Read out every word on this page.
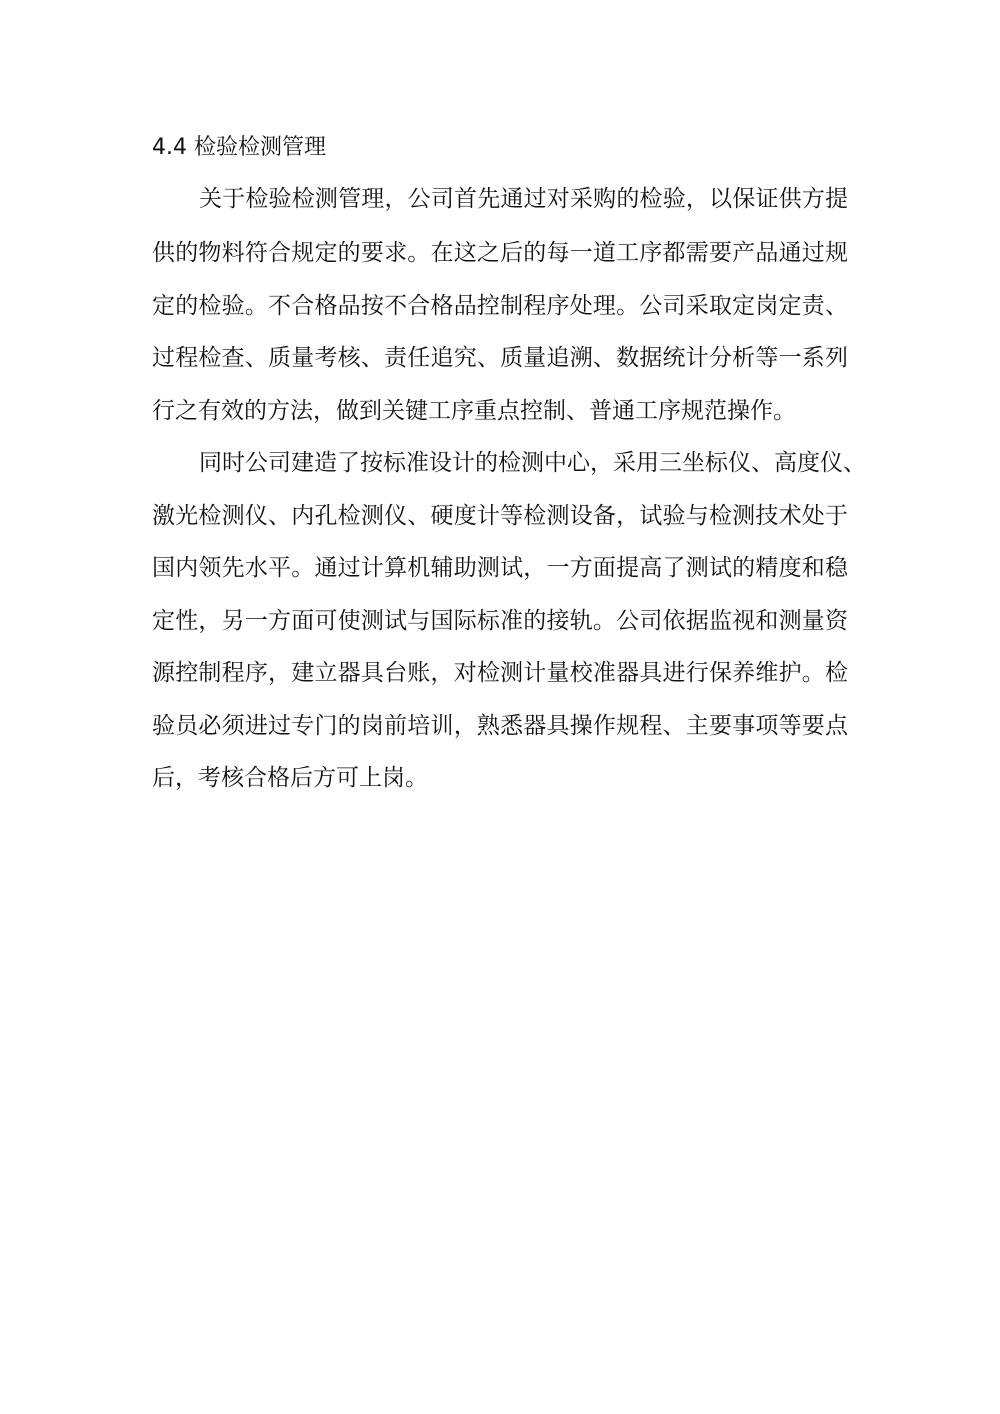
4.4 检验检测管理
关于检验检测管理，公司首先通过对采购的检验，以保证供方提
供的物料符合规定的要求。在这之后的每一道工序都需要产品通过规
定的检验。不合格品按不合格品控制程序处理。公司采取定岗定责、
过程检查、质量考核、责任追究、质量追溯、数据统计分析等一系列
行之有效的方法，做到关键工序重点控制、普通工序规范操作。
同时公司建造了按标准设计的检测中心，采用三坐标仪、高度仪、
激光检测仪、内孔检测仪、硬度计等检测设备，试验与检测技术处于
国内领先水平。通过计算机辅助测试，一方面提高了测试的精度和稳
定性，另一方面可使测试与国际标准的接轨。公司依据监视和测量资
源控制程序，建立器具台账，对检测计量校准器具进行保养维护。检
验员必须进过专门的岗前培训，熟悉器具操作规程、主要事项等要点
后，考核合格后方可上岗。
